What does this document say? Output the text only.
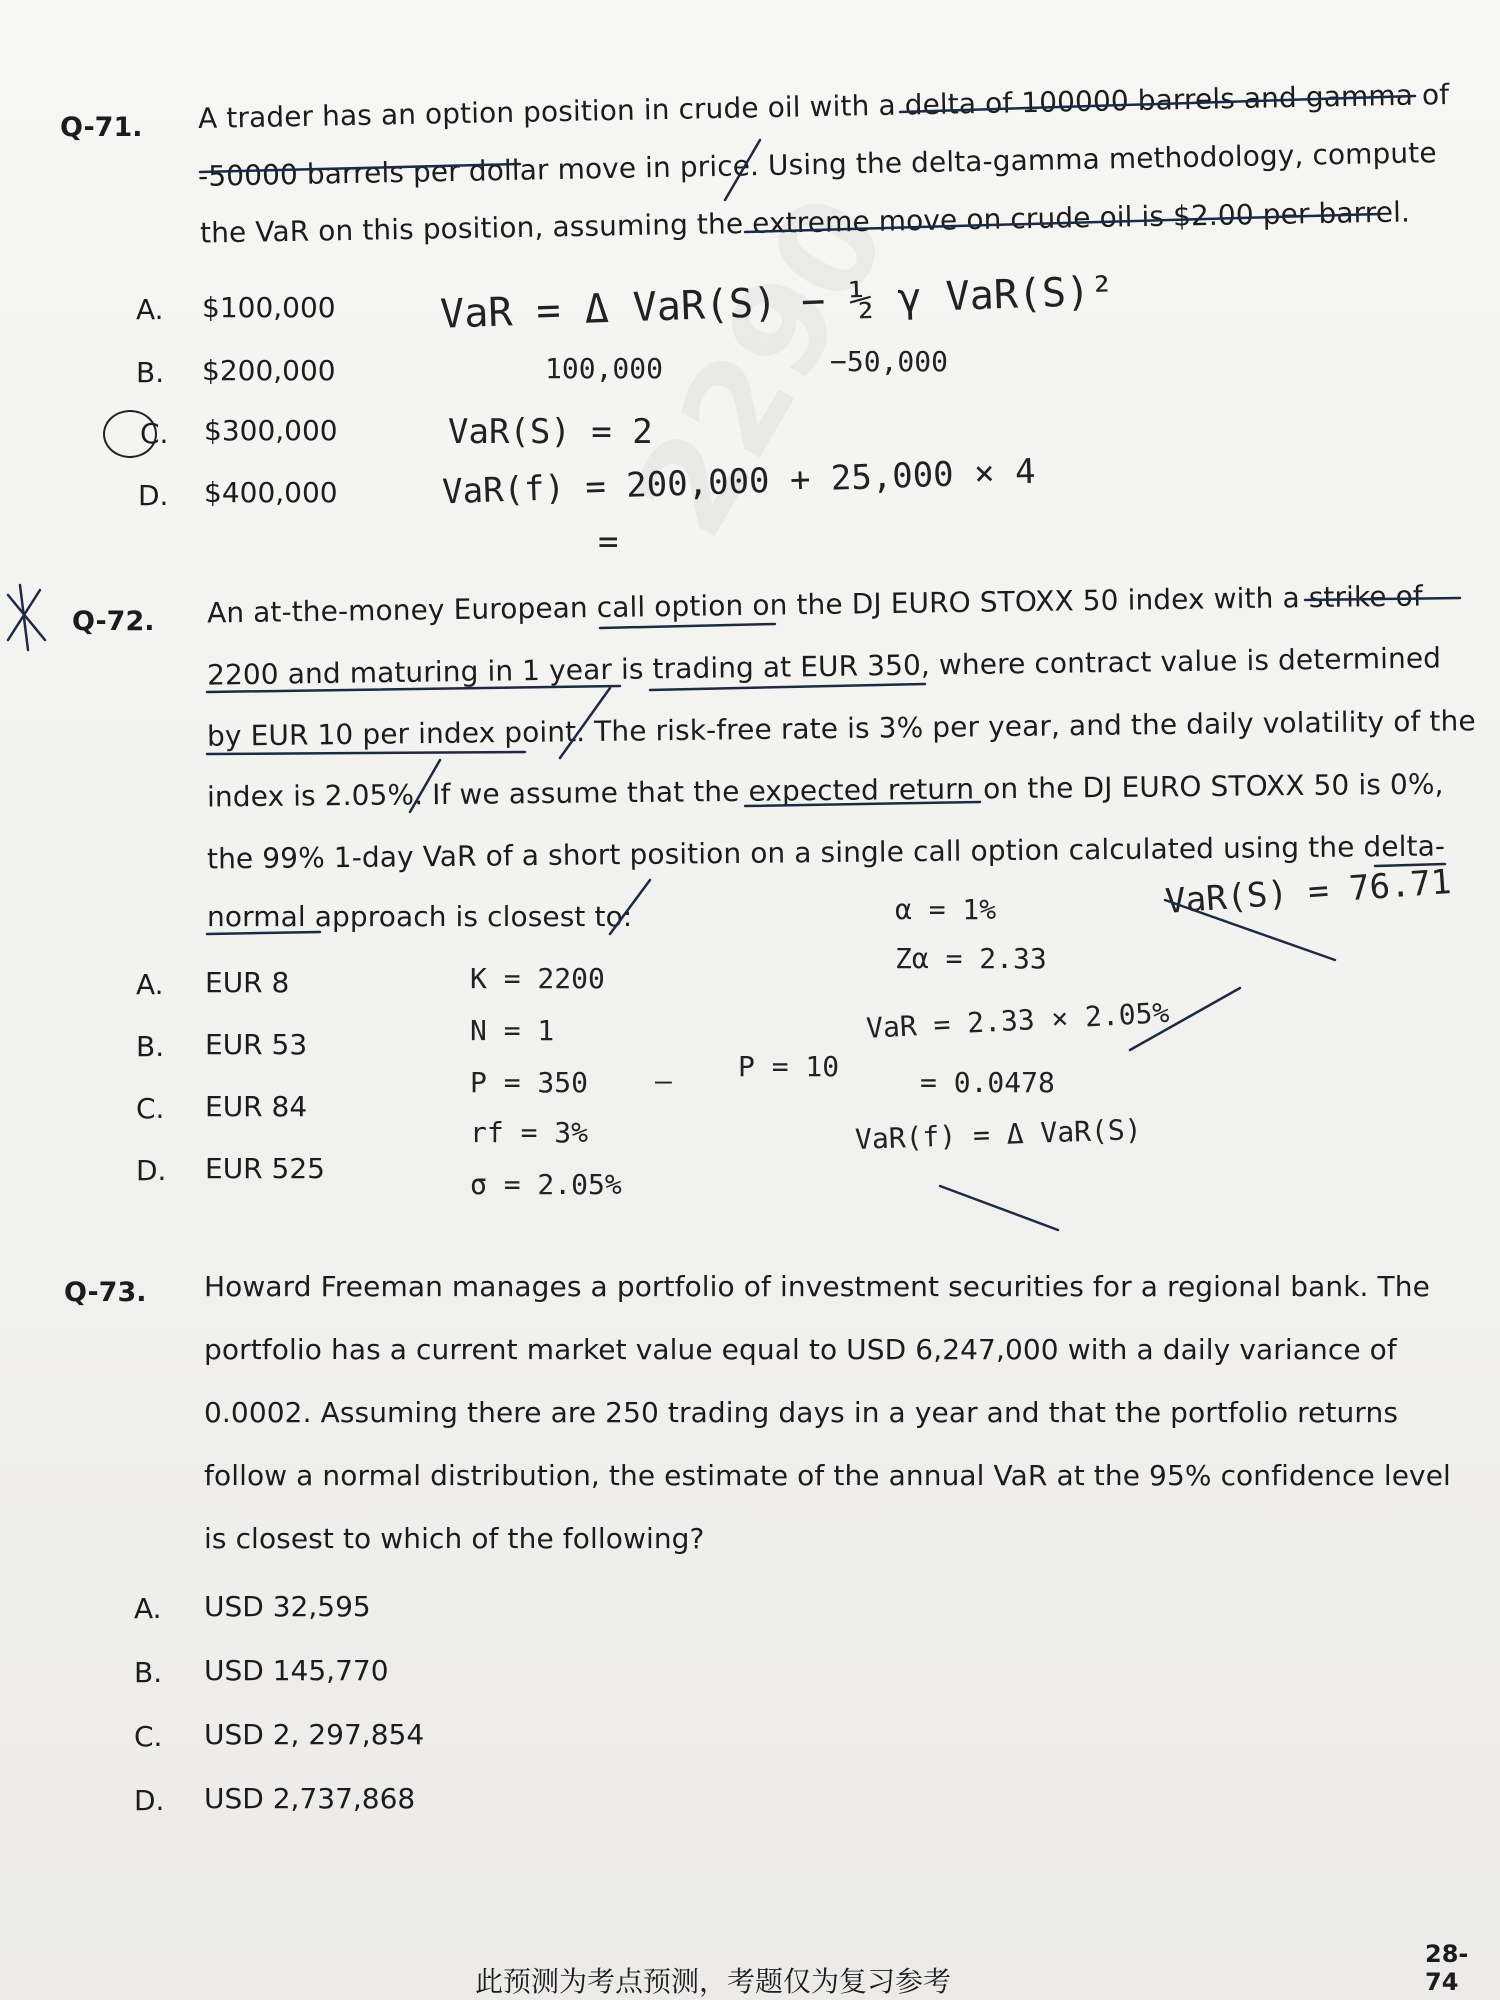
Q-71. A trader has an option position in crude oil with a delta of 100000 barrels and gamma of
-50000 barrels per dollar move in price. Using the delta-gamma methodology, compute
the VaR on this position, assuming the extreme move on crude oil is $2.00 per barrel.
A. $100,000
B. $200,000
C. $300,000
D. $400,000
VaR = Δ VaR(S) − ½ γ VaR(S)²
100,000	−50,000
VaR(S) = 2
VaR(f) = 200,000 + 25,000 × 4
=
Q-72. An at-the-money European call option on the DJ EURO STOXX 50 index with a strike of
2200 and maturing in 1 year is trading at EUR 350, where contract value is determined
by EUR 10 per index point. The risk-free rate is 3% per year, and the daily volatility of the
index is 2.05%. If we assume that the expected return on the DJ EURO STOXX 50 is 0%,
the 99% 1-day VaR of a short position on a single call option calculated using the delta-
normal approach is closest to:
A. EUR 8
B. EUR 53
C. EUR 84
D. EUR 525
K = 2200
N = 1
P = 350 — P = 10
rf = 3%
σ = 2.05%
α = 1%
Zα = 2.33
VaR = 2.33 × 2.05%
= 0.0478
VaR(f) = Δ VaR(S)
VaR(S) = 76.71
Q-73. Howard Freeman manages a portfolio of investment securities for a regional bank. The
portfolio has a current market value equal to USD 6,247,000 with a daily variance of
0.0002. Assuming there are 250 trading days in a year and that the portfolio returns
follow a normal distribution, the estimate of the annual VaR at the 95% confidence level
is closest to which of the following?
A. USD 32,595
B. USD 145,770
C. USD 2, 297,854
D. USD 2,737,868
此预测为考点预测，考题仅为复习参考
28-74
